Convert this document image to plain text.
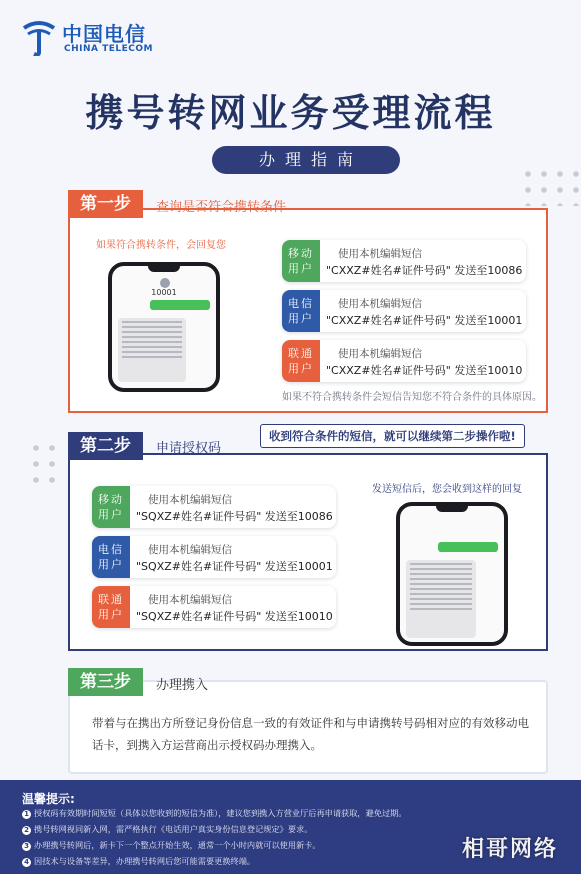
中国电信
CHINA TELECOM
携号转网业务受理流程
办理指南
第一步	查询是否符合携转条件
如果符合携转条件，会回复您
10001
移动
用户
使用本机编辑短信
"CXXZ#姓名#证件号码" 发送至10086
电信
用户
使用本机编辑短信
"CXXZ#姓名#证件号码" 发送至10001
联通
用户
使用本机编辑短信
"CXXZ#姓名#证件号码" 发送至10010
如果不符合携转条件会短信告知您不符合条件的具体原因。
收到符合条件的短信，就可以继续第二步操作啦!
第二步	申请授权码
移动
用户
使用本机编辑短信
"SQXZ#姓名#证件号码" 发送至10086
电信
用户
使用本机编辑短信
"SQXZ#姓名#证件号码" 发送至10001
联通
用户
使用本机编辑短信
"SQXZ#姓名#证件号码" 发送至10010
发送短信后，您会收到这样的回复
第三步	办理携入
带着与在携出方所登记身份信息一致的有效证件和与申请携转号码相对应的有效移动电话卡，到携入方运营商出示授权码办理携入。
温馨提示:
1 授权码有效期时间短短（具体以您收到的短信为准），建议您到携入方营业厅后再申请获取，避免过期。
2 携号转网视同新入网，需严格执行《电话用户真实身份信息登记规定》要求。
3 办理携号转网后，新卡下一个整点开始生效，通常一个小时内就可以使用新卡。
4 因技术与设备等差异，办理携号转网后您可能需要更换终端。	相哥网络
